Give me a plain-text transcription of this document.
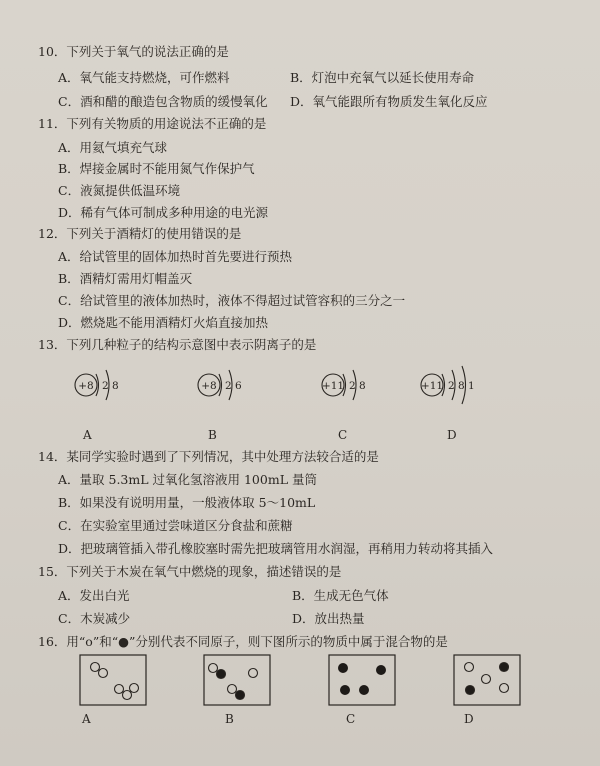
10．下列关于氧气的说法正确的是
A．氧气能支持燃烧，可作燃料	B．灯泡中充氧气以延长使用寿命
C．酒和醋的酿造包含物质的缓慢氧化 D．氧气能跟所有物质发生氧化反应
11．下列有关物质的用途说法不正确的是
A．用氦气填充气球
B．焊接金属时不能用氮气作保护气
C．液氮提供低温环境
D．稀有气体可制成多种用途的电光源
12．下列关于酒精灯的使用错误的是
A．给试管里的固体加热时首先要进行预热
B．酒精灯需用灯帽盖灭
C．给试管里的液体加热时，液体不得超过试管容积的三分之一
D．燃烧匙不能用酒精灯火焰直接加热
13．下列几种粒子的结构示意图中表示阴离子的是
+8 2 8	+8 2 6	+11 2 8	+11 2 8 1
A	B	C	D
14．某同学实验时遇到了下列情况，其中处理方法较合适的是
A．量取 5.3mL 过氧化氢溶液用 100mL 量筒
B．如果没有说明用量，一般液体取 5～10mL
C．在实验室里通过尝味道区分食盐和蔗糖
D．把玻璃管插入带孔橡胶塞时需先把玻璃管用水润湿，再稍用力转动将其插入
15．下列关于木炭在氧气中燃烧的现象，描述错误的是
A．发出白光	B．生成无色气体
C．木炭减少	D．放出热量
16．用“o”和“●”分别代表不同原子，则下图所示的物质中属于混合物的是
A	B	C	D
